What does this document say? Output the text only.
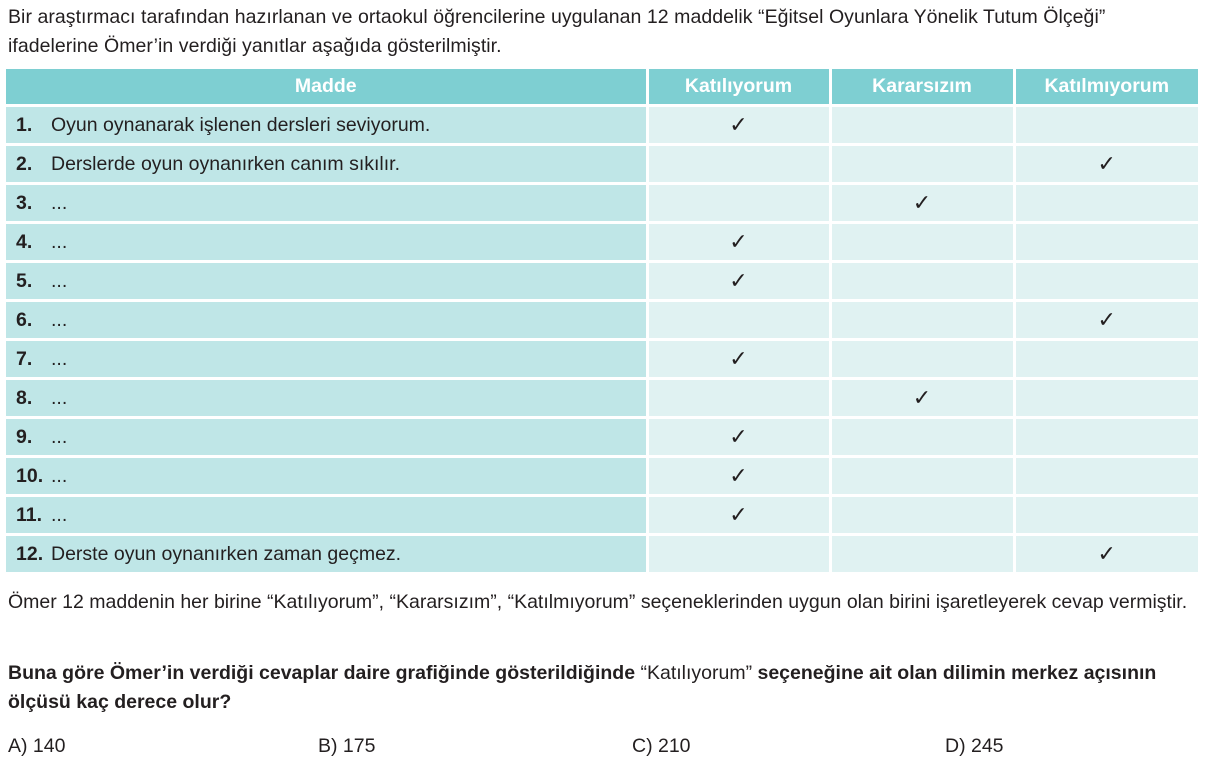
Bir araştırmacı tarafından hazırlanan ve ortaokul öğrencilerine uygulanan 12 maddelik “Eğitsel Oyunlara Yönelik Tutum Ölçeği” ifadelerine Ömer’in verdiği yanıtlar aşağıda gösterilmiştir.
Madde	Katılıyorum	Kararsızım	Katılmıyorum
1. Oyun oynanarak işlenen dersleri seviyorum.	✓		
2. Derslerde oyun oynanırken canım sıkılır.			✓
3. ...		✓	
4. ...	✓		
5. ...	✓		
6. ...			✓
7. ...	✓		
8. ...		✓	
9. ...	✓		
10. ...	✓		
11. ...	✓		
12. Derste oyun oynanırken zaman geçmez.			✓
Ömer 12 maddenin her birine “Katılıyorum”, “Kararsızım”, “Katılmıyorum” seçeneklerinden uygun olan birini işaretleyerek cevap vermiştir.
Buna göre Ömer’in verdiği cevaplar daire grafiğinde gösterildiğinde “Katılıyorum” seçeneğine ait olan dilimin merkez açısının ölçüsü kaç derece olur?
A) 140	B) 175	C) 210	D) 245
